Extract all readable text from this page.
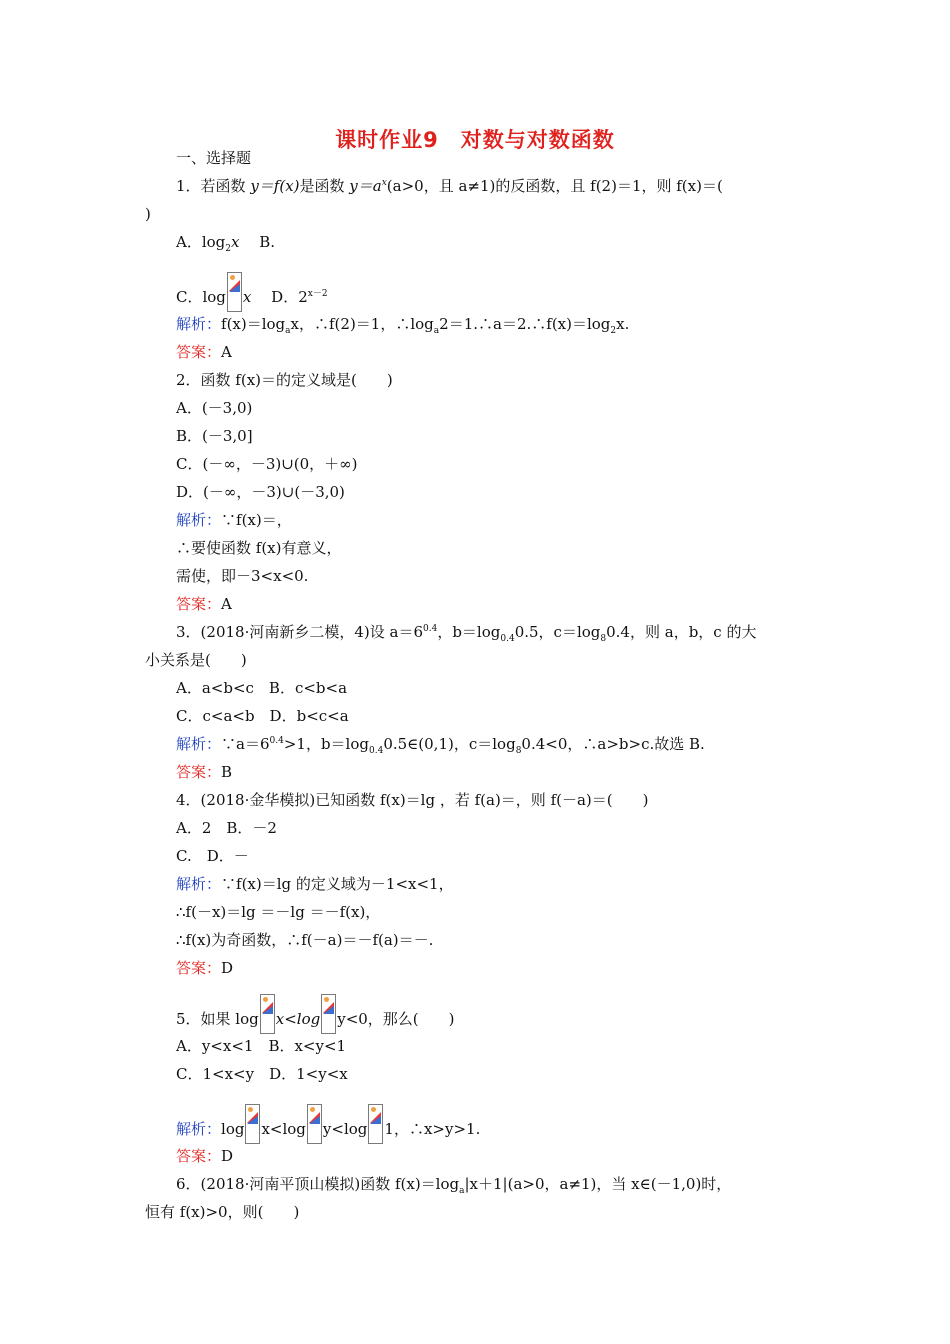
课时作业9　对数与对数函数
一、选择题
1．若函数 y＝f(x)是函数 $y=a^x(a>0$，且 a≠1)的反函数，且 f(2)＝1，则 f(x)＝(
)
A．$\log_2x$　 B.
C．log x　 D．$2^{x-2}$
解析：$f(x)=\log_ax$，∴f(2)＝1，$\therefore\log_a2=1.\therefore a=2.\therefore f(x)=\log_2x$.
答案：A
2．函数 f(x)＝的定义域是(　　)
A．(－3,0)
B．(－3,0]
C．(－∞，－3)∪(0，＋∞)
D．(－∞，－3)∪(－3,0)
解析：∵f(x)＝，
∴要使函数 f(x)有意义，
需使，即－3<x<0.
答案：A
3．(2018·河南新乡二模，4)设 $a=6^{0.4}$，$b=\log_{0.4}0.5$，$c=\log_80.4$，则 a，b，c 的大
小关系是(　　)
A．a<b<c　B．c<b<a
C．c<a<b　D．b<c<a
解析：$\because a=6^{0.4}>1$，$b=\log_{0.4}0.5\in(0,1)$，$c=\log_80.4<0$，∴a>b>c.故选 B.
答案：B
4．(2018·金华模拟)已知函数 f(x)＝lg ，若 f(a)＝，则 f(－a)＝(　　)
A．2　B．－2
C.　D．－
解析：∵f(x)＝lg 的定义域为－1<x<1，
∴f(－x)＝lg ＝－lg ＝－f(x)，
∴f(x)为奇函数，∴f(－a)＝－f(a)＝－.
答案：D
5．如果 log x<log y<0，那么(　　)
A．y<x<1　B．x<y<1
C．1<x<y　D．1<y<x
解析：log x<log y<log 1，∴x>y>1.
答案：D
6．(2018·河南平顶山模拟)函数 $f(x)=\log_a|x+1|(a>0$，a≠1)，当 x∈(－1,0)时，
恒有 f(x)>0，则(　　)
